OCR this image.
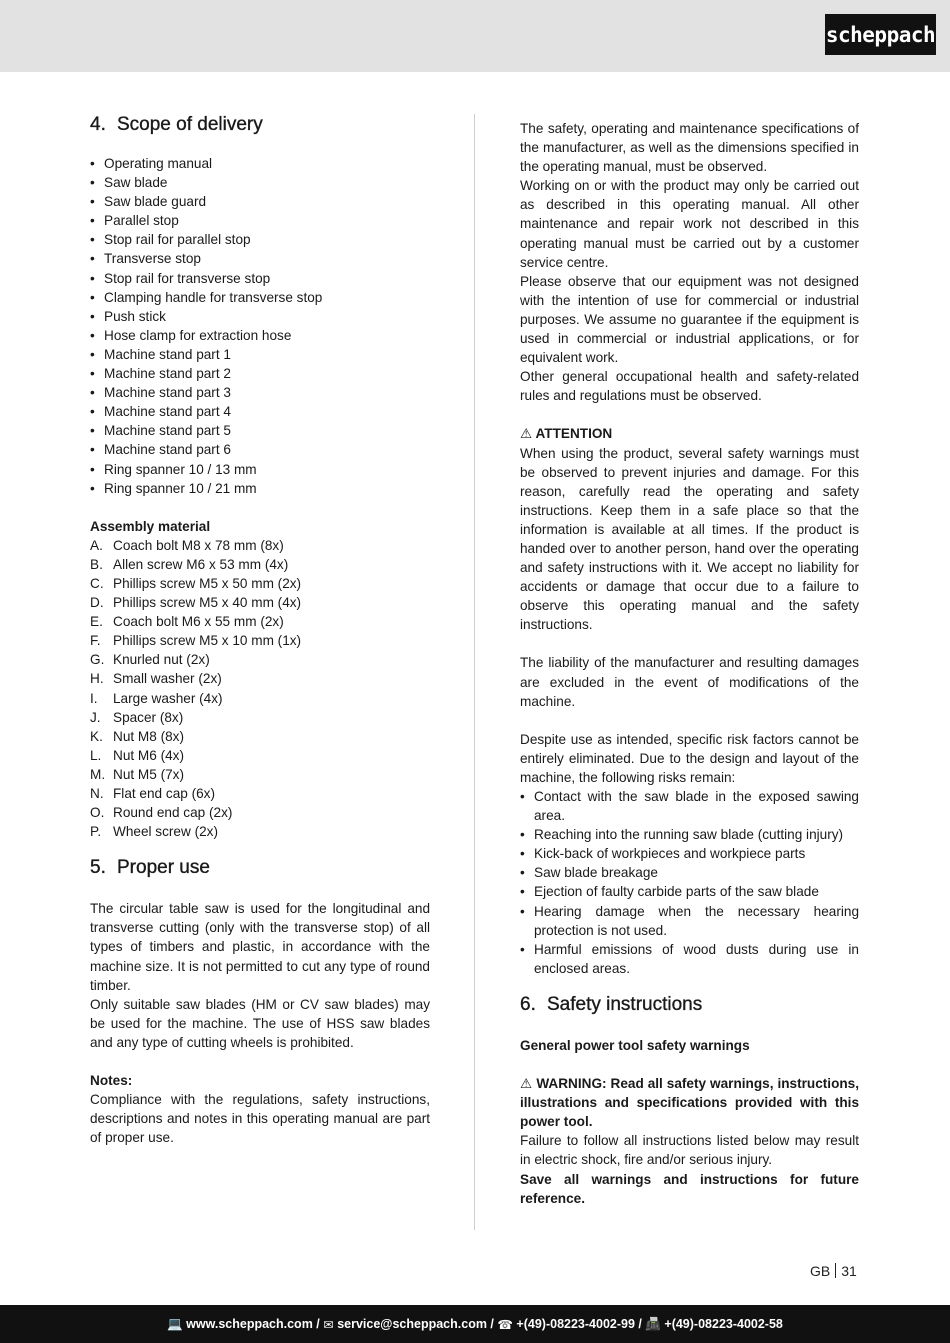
scheppach
4. Scope of delivery
• Operating manual
• Saw blade
• Saw blade guard
• Parallel stop
• Stop rail for parallel stop
• Transverse stop
• Stop rail for transverse stop
• Clamping handle for transverse stop
• Push stick
• Hose clamp for extraction hose
• Machine stand part 1
• Machine stand part 2
• Machine stand part 3
• Machine stand part 4
• Machine stand part 5
• Machine stand part 6
• Ring spanner 10 / 13 mm
• Ring spanner 10 / 21 mm
Assembly material
A. Coach bolt M8 x 78 mm (8x)
B. Allen screw M6 x 53 mm (4x)
C. Phillips screw M5 x 50 mm (2x)
D. Phillips screw M5 x 40 mm (4x)
E. Coach bolt M6 x 55 mm (2x)
F. Phillips screw M5 x 10 mm (1x)
G. Knurled nut (2x)
H. Small washer (2x)
I.	Large washer (4x)
J. Spacer (8x)
K. Nut M8 (8x)
L. Nut M6 (4x)
M. Nut M5 (7x)
N. Flat end cap (6x)
O. Round end cap (2x)
P. Wheel screw (2x)
5. Proper use

The circular table saw is used for the longitudinal and transverse cutting (only with the transverse stop) of all types of timbers and plastic, in accordance with the machine size. It is not permitted to cut any type of round timber.

Only suitable saw blades (HM or CV saw blades) may be used for the machine. The use of HSS saw blades and any type of cutting wheels is prohibited.

Notes:

Compliance with the regulations, safety instructions, descriptions and notes in this operating manual are part of proper use.

The safety, operating and maintenance specifications of the manufacturer, as well as the dimensions specified in the operating manual, must be observed.

Working on or with the product may only be carried out as described in this operating manual. All other maintenance and repair work not described in this operating manual must be carried out by a customer service centre.

Please observe that our equipment was not designed with the intention of use for commercial or industrial purposes. We assume no guarantee if the equipment is used in commercial or industrial applications, or for equivalent work.

Other general occupational health and safety-related rules and regulations must be observed.

⚠ ATTENTION

When using the product, several safety warnings must be observed to prevent injuries and damage. For this reason, carefully read the operating and safety instructions. Keep them in a safe place so that the information is available at all times. If the product is handed over to another person, hand over the operating and safety instructions with it. We accept no liability for accidents or damage that occur due to a failure to observe this operating manual and the safety instructions.

The liability of the manufacturer and resulting damages are excluded in the event of modifications of the machine.

Despite use as intended, specific risk factors cannot be entirely eliminated. Due to the design and layout of the machine, the following risks remain:

• Contact with the saw blade in the exposed sawing area.
• Reaching into the running saw blade (cutting injury)
• Kick-back of workpieces and workpiece parts
• Saw blade breakage
• Ejection of faulty carbide parts of the saw blade
• Hearing damage when the necessary hearing protection is not used.
• Harmful emissions of wood dusts during use in enclosed areas.
6. Safety instructions
General power tool safety warnings

⚠ WARNING: Read all safety warnings, instructions, illustrations and specifications provided with this power tool.

Failure to follow all instructions listed below may result in electric shock, fire and/or serious injury.

Save all warnings and instructions for future reference.

GB 31
💻 www.scheppach.com / ✉ service@scheppach.com / ☎ +(49)-08223-4002-99 / 📠 +(49)-08223-4002-58
